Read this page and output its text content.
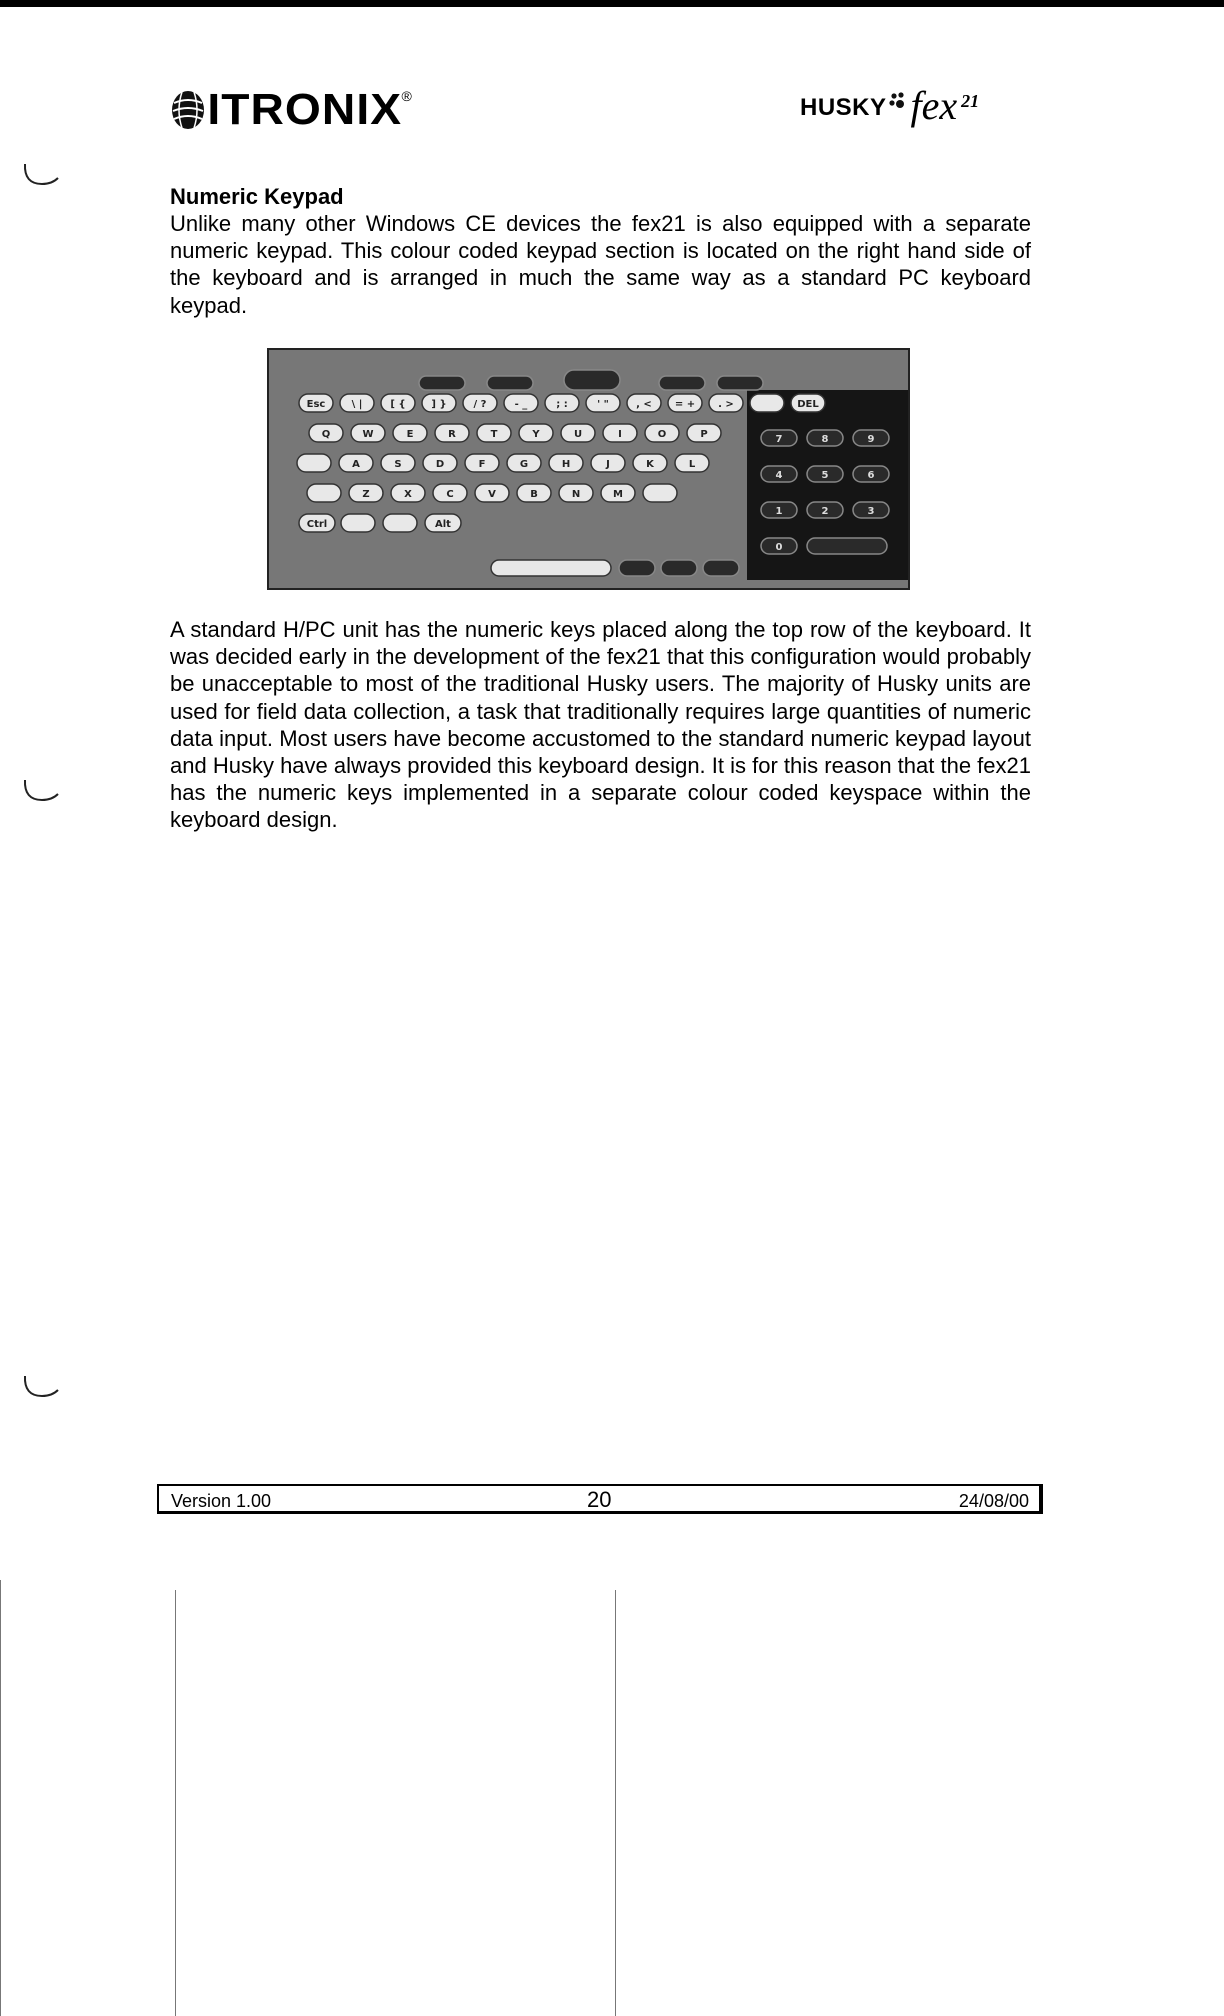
ITRONIX ®	HUSKY fex 21
Numeric Keypad

Unlike many other Windows CE devices the fex21 is also equipped with a separate numeric keypad. This colour coded keypad section is located on the right hand side of the keyboard and is arranged in much the same way as a standard PC keyboard keypad.

Esc	\ |	[ {	] }	/ ?	- _	; :	' "	, < = + . >	DEL
Q	W	E	R	T	Y	U	I	O	P
A	S	D	F	G	H	J	K	L
Z	X	C	V	B	N	M
Ctrl	Alt
7	8	9
4	5	6
1	2	3
0

A standard H/PC unit has the numeric keys placed along the top row of the keyboard. It was decided early in the development of the fex21 that this configuration would probably be unacceptable to most of the traditional Husky users. The majority of Husky units are used for field data collection, a task that traditionally requires large quantities of numeric data input. Most users have become accustomed to the standard numeric keypad layout and Husky have always provided this keyboard design. It is for this reason that the fex21 has the numeric keys implemented in a separate colour coded keyspace within the keyboard design.

Version 1.00	20	24/08/00
